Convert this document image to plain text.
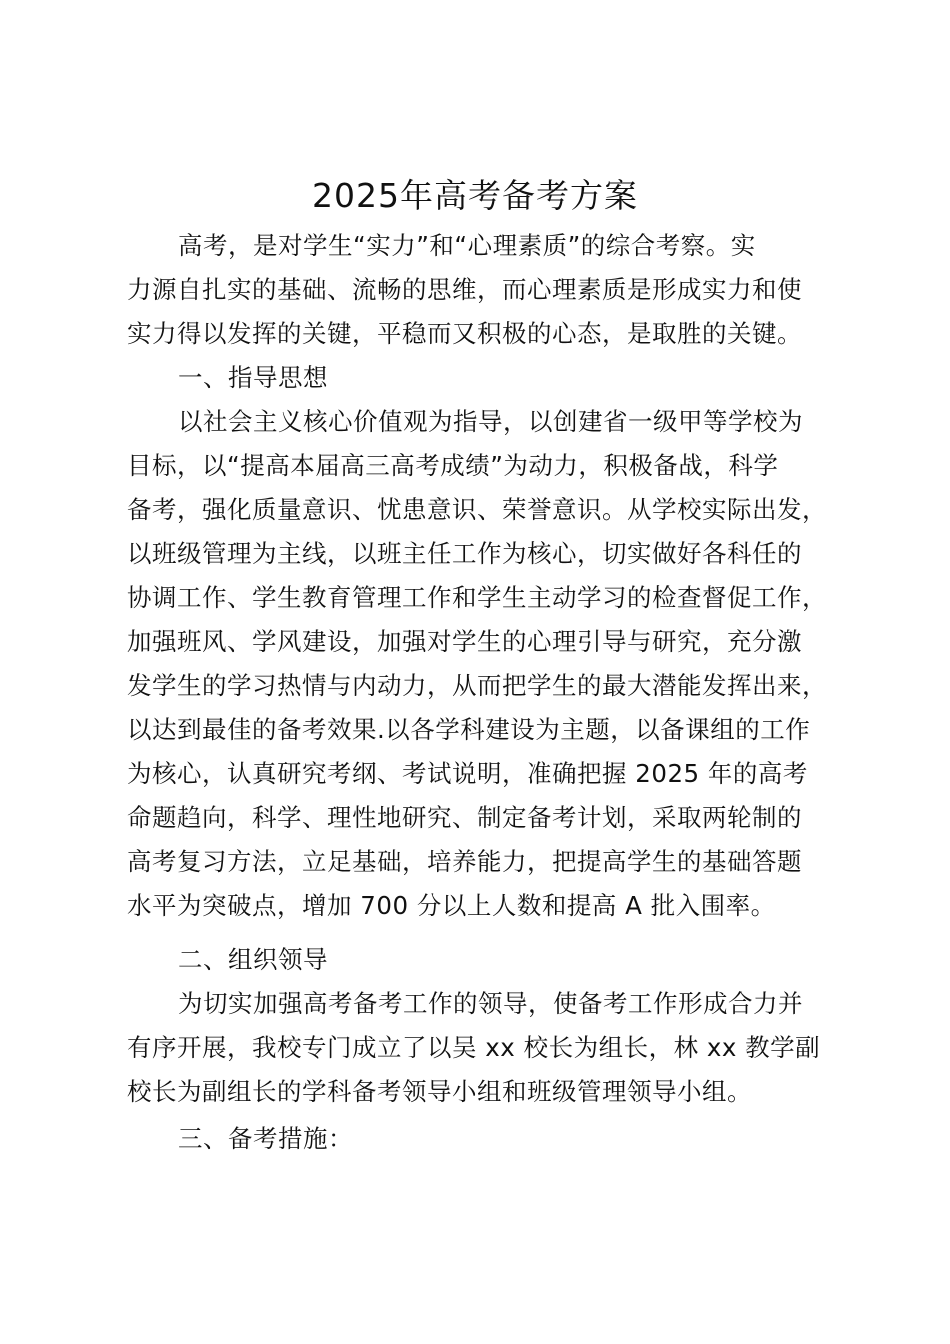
2025年高考备考方案
高考，是对学生“实力”和“心理素质”的综合考察。实
力源自扎实的基础、流畅的思维，而心理素质是形成实力和使
实力得以发挥的关键，平稳而又积极的心态，是取胜的关键。
一、指导思想
以社会主义核心价值观为指导，以创建省一级甲等学校为
目标，以“提高本届高三高考成绩”为动力，积极备战，科学
备考，强化质量意识、忧患意识、荣誉意识。从学校实际出发，
以班级管理为主线，以班主任工作为核心，切实做好各科任的
协调工作、学生教育管理工作和学生主动学习的检查督促工作，
加强班风、学风建设，加强对学生的心理引导与研究，充分激
发学生的学习热情与内动力，从而把学生的最大潜能发挥出来，
以达到最佳的备考效果.以各学科建设为主题，以备课组的工作
为核心，认真研究考纲、考试说明，准确把握 2025 年的高考
命题趋向，科学、理性地研究、制定备考计划，采取两轮制的
高考复习方法，立足基础，培养能力，把提高学生的基础答题
水平为突破点，增加 700 分以上人数和提高 A 批入围率。
二、组织领导
为切实加强高考备考工作的领导，使备考工作形成合力并
有序开展，我校专门成立了以吴 xx 校长为组长，林 xx 教学副
校长为副组长的学科备考领导小组和班级管理领导小组。
三、备考措施：
